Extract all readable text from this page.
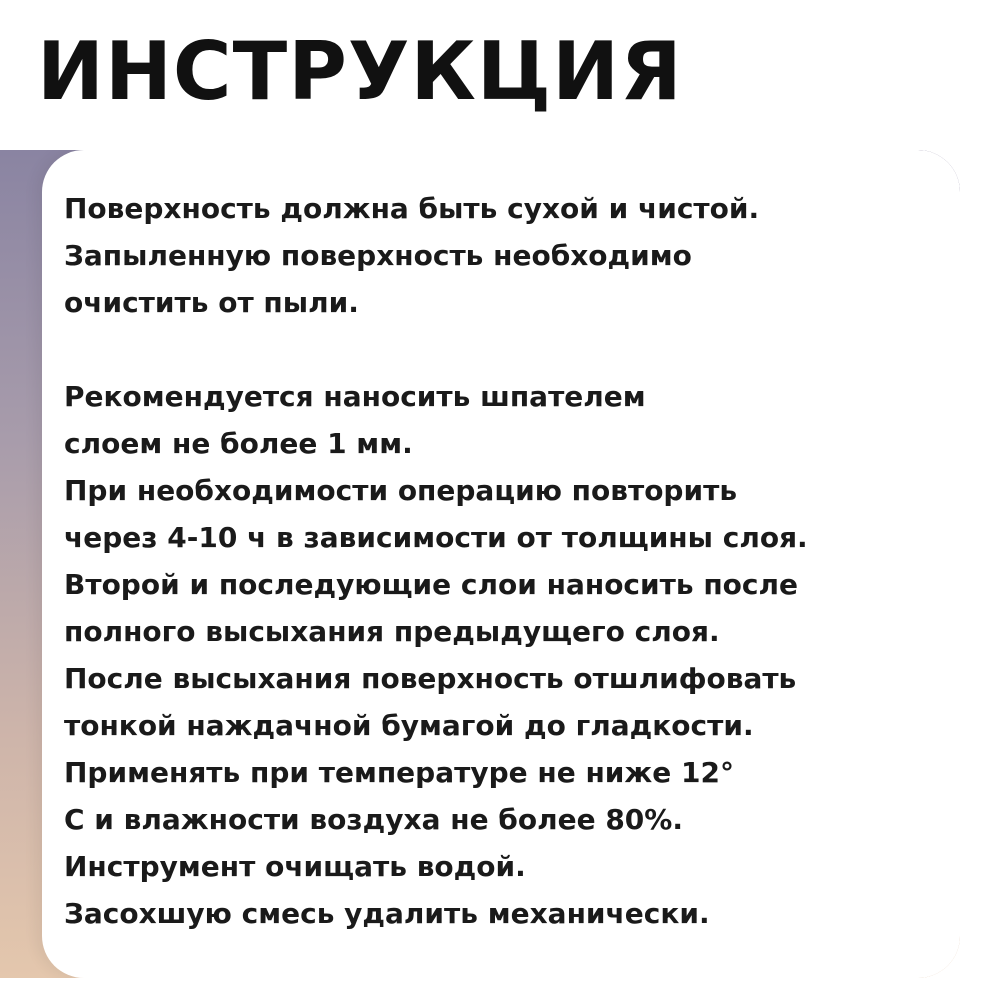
ИНСТРУКЦИЯ

Поверхность должна быть сухой и чистой.
Запыленную поверхность необходимо
очистить от пыли.

Рекомендуется наносить шпателем
слоем не более 1 мм.
При необходимости операцию повторить
через 4-10 ч в зависимости от толщины слоя.
Второй и последующие слои наносить после
полного высыхания предыдущего слоя.
После высыхания поверхность отшлифовать
тонкой наждачной бумагой до гладкости.
Применять при температуре не ниже 12°
С и влажности воздуха не более 80%.
Инструмент очищать водой.
Засохшую смесь удалить механически.
